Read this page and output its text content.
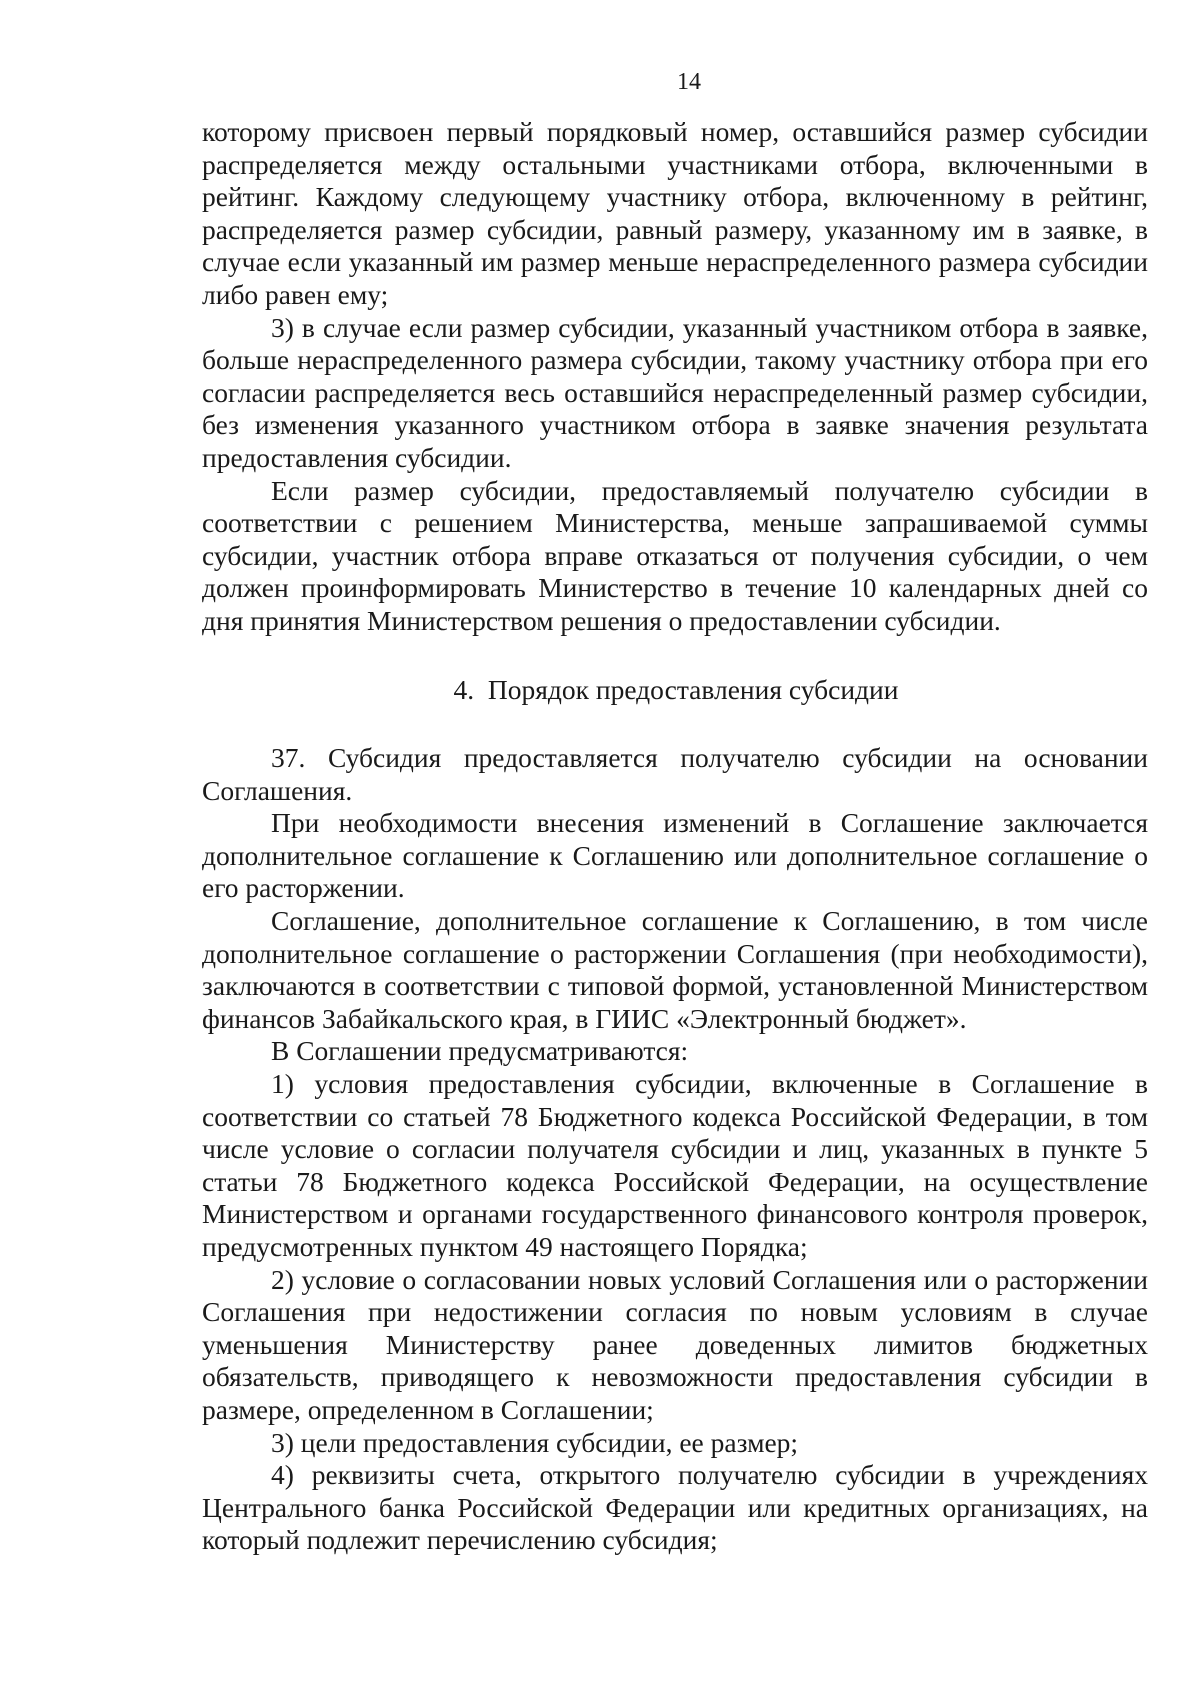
14

которому присвоен первый порядковый номер, оставшийся размер субсидии распределяется между остальными участниками отбора, включенными в рейтинг. Каждому следующему участнику отбора, включенному в рейтинг, распределяется размер субсидии, равный размеру, указанному им в заявке, в случае если указанный им размер меньше нераспределенного размера субсидии либо равен ему;

3) в случае если размер субсидии, указанный участником отбора в заявке, больше нераспределенного размера субсидии, такому участнику отбора при его согласии распределяется весь оставшийся нераспределенный размер субсидии, без изменения указанного участником отбора в заявке значения результата предоставления субсидии.

Если размер субсидии, предоставляемый получателю субсидии в соответствии с решением Министерства, меньше запрашиваемой суммы субсидии, участник отбора вправе отказаться от получения субсидии, о чем должен проинформировать Министерство в течение 10 календарных дней со дня принятия Министерством решения о предоставлении субсидии.

4.  Порядок предоставления субсидии

37. Субсидия предоставляется получателю субсидии на основании Соглашения.

При необходимости внесения изменений в Соглашение заключается дополнительное соглашение к Соглашению или дополнительное соглашение о его расторжении.

Соглашение, дополнительное соглашение к Соглашению, в том числе дополнительное соглашение о расторжении Соглашения (при необходимости), заключаются в соответствии с типовой формой, установленной Министерством финансов Забайкальского края, в ГИИС «Электронный бюджет».

В Соглашении предусматриваются:

1) условия предоставления субсидии, включенные в Соглашение в соответствии со статьей 78 Бюджетного кодекса Российской Федерации, в том числе условие о согласии получателя субсидии и лиц, указанных в пункте 5 статьи 78 Бюджетного кодекса Российской Федерации, на осуществление Министерством и органами государственного финансового контроля проверок, предусмотренных пунктом 49 настоящего Порядка;

2) условие о согласовании новых условий Соглашения или о расторжении Соглашения при недостижении согласия по новым условиям в случае уменьшения Министерству ранее доведенных лимитов бюджетных обязательств, приводящего к невозможности предоставления субсидии в размере, определенном в Соглашении;

3) цели предоставления субсидии, ее размер;

4) реквизиты счета, открытого получателю субсидии в учреждениях Центрального банка Российской Федерации или кредитных организациях, на который подлежит перечислению субсидия;
